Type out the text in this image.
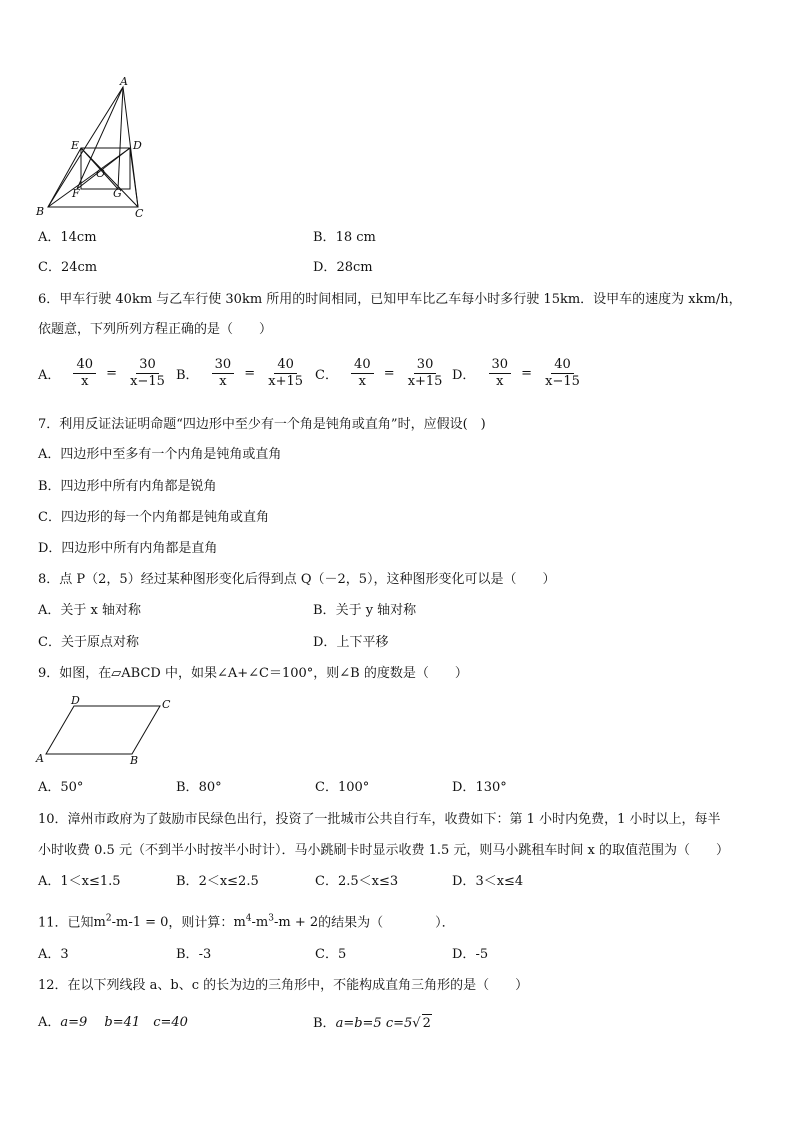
A
E	D
O
F	G
B	C
A．14cm	B．18 cm
C．24cm	D．28cm
6．甲车行驶 40km 与乙车行使 30km 所用的时间相同，已知甲车比乙车每小时多行驶 15km．设甲车的速度为 xkm/h，
依题意，下列所列方程正确的是（　　）
A． $\frac{40}{x} = \frac{30}{x-15}$ B． $\frac{30}{x} = \frac{40}{x+15}$ C． $\frac{40}{x} = \frac{30}{x+15}$ D． $\frac{30}{x} = \frac{40}{x-15}$
7．利用反证法证明命题“四边形中至少有一个角是钝角或直角”时，应假设(　)
A．四边形中至多有一个内角是钝角或直角
B．四边形中所有内角都是锐角
C．四边形的每一个内角都是钝角或直角
D．四边形中所有内角都是直角
8．点 P（2，5）经过某种图形变化后得到点 Q（－2，5），这种图形变化可以是（　　）
A．关于 x 轴对称	B．关于 y 轴对称
C．关于原点对称	D．上下平移
9．如图，在▱ABCD 中，如果∠A+∠C＝100°，则∠B 的度数是（　　）
D	C
A	B
A．50°	B．80°	C．100°	D．130°
10．漳州市政府为了鼓励市民绿色出行，投资了一批城市公共自行车，收费如下：第 1 小时内免费，1 小时以上，每半
小时收费 0.5 元（不到半小时按半小时计）．马小跳刷卡时显示收费 1.5 元，则马小跳租车时间 x 的取值范围为（　　）
A．1＜x≤1.5	B．2＜x≤2.5	C．2.5＜x≤3	D．3＜x≤4
11．已知$m^2-m-1 = 0$，则计算：$m^4-m^3-m + 2$的结果为（　　　　）．
A．3	B．-3	C．5	D．-5
12．在以下列线段 a、b、c 的长为边的三角形中，不能构成直角三角形的是（　　）
A．a=9　 b=41　c=40	B．a=b=5 c=5√ 2
